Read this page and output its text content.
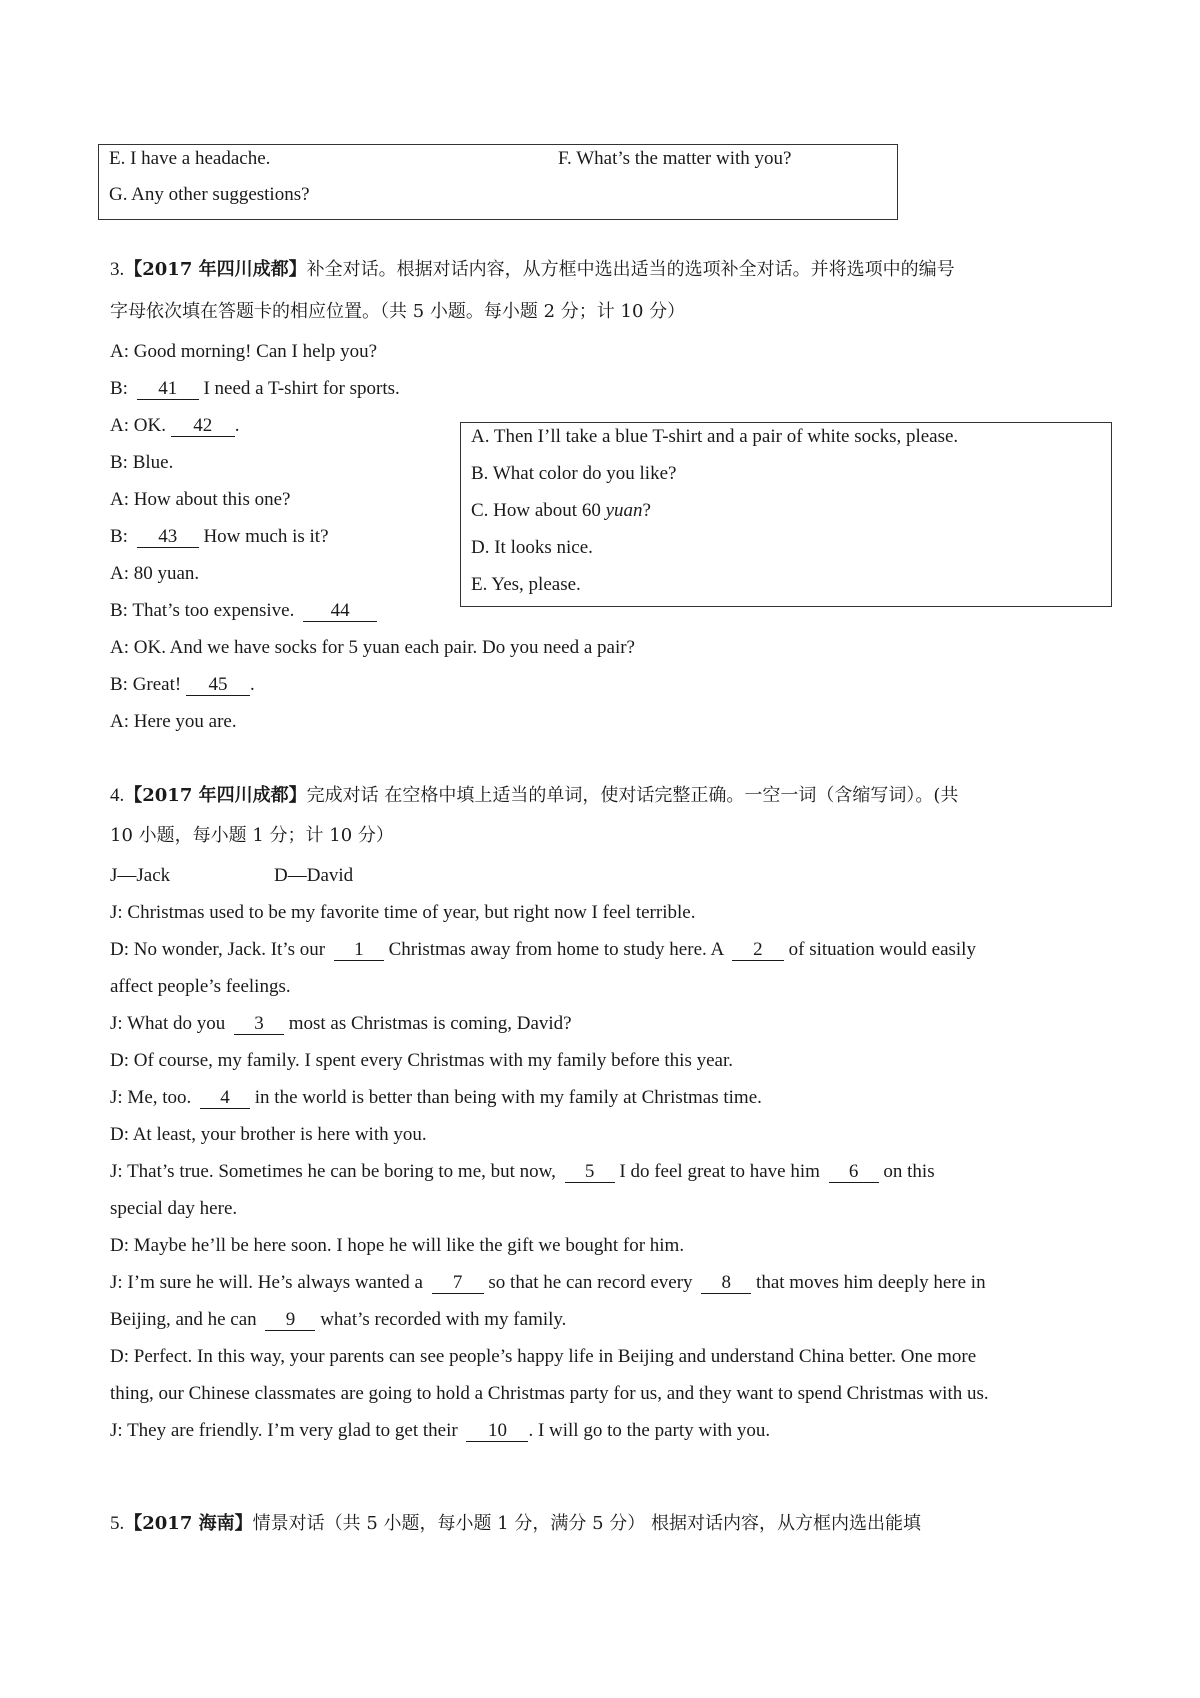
E. I have a headache.	F. What’s the matter with you?
G. Any other suggestions?
3.【2017 年四川成都】补全对话。根据对话内容，从方框中选出适当的选项补全对话。并将选项中的编号
字母依次填在答题卡的相应位置。（共 5 小题。每小题 2 分；计 10 分）
A: Good morning! Can I help you?
B: 41 I need a T-shirt for sports.
A: OK. 42 .
B: Blue.
A: How about this one?
B: 43 How much is it?
A: 80 yuan.
B: That’s too expensive. 44
A: OK. And we have socks for 5 yuan each pair. Do you need a pair?
B: Great! 45 .
A: Here you are.
A. Then I’ll take a blue T-shirt and a pair of white socks, please.
B. What color do you like?
C. How about 60 yuan?
D. It looks nice.
E. Yes, please.
4.【2017 年四川成都】完成对话 在空格中填上适当的单词，使对话完整正确。一空一词（含缩写词）。(共
10 小题，每小题 1 分；计 10 分）
J—Jack	D—David
J: Christmas used to be my favorite time of year, but right now I feel terrible.
D: No wonder, Jack. It’s our 1 Christmas away from home to study here. A 2 of situation would easily
affect people’s feelings.
J: What do you 3 most as Christmas is coming, David?
D: Of course, my family. I spent every Christmas with my family before this year.
J: Me, too. 4 in the world is better than being with my family at Christmas time.
D: At least, your brother is here with you.
J: That’s true. Sometimes he can be boring to me, but now, 5 I do feel great to have him 6 on this
special day here.
D: Maybe he’ll be here soon. I hope he will like the gift we bought for him.
J: I’m sure he will. He’s always wanted a 7 so that he can record every 8 that moves him deeply here in
Beijing, and he can 9 what’s recorded with my family.
D: Perfect. In this way, your parents can see people’s happy life in Beijing and understand China better. One more
thing, our Chinese classmates are going to hold a Christmas party for us, and they want to spend Christmas with us.
J: They are friendly. I’m very glad to get their 10 . I will go to the party with you.
5.【2017 海南】情景对话（共 5 小题，每小题 1 分，满分 5 分） 根据对话内容，从方框内选出能填
